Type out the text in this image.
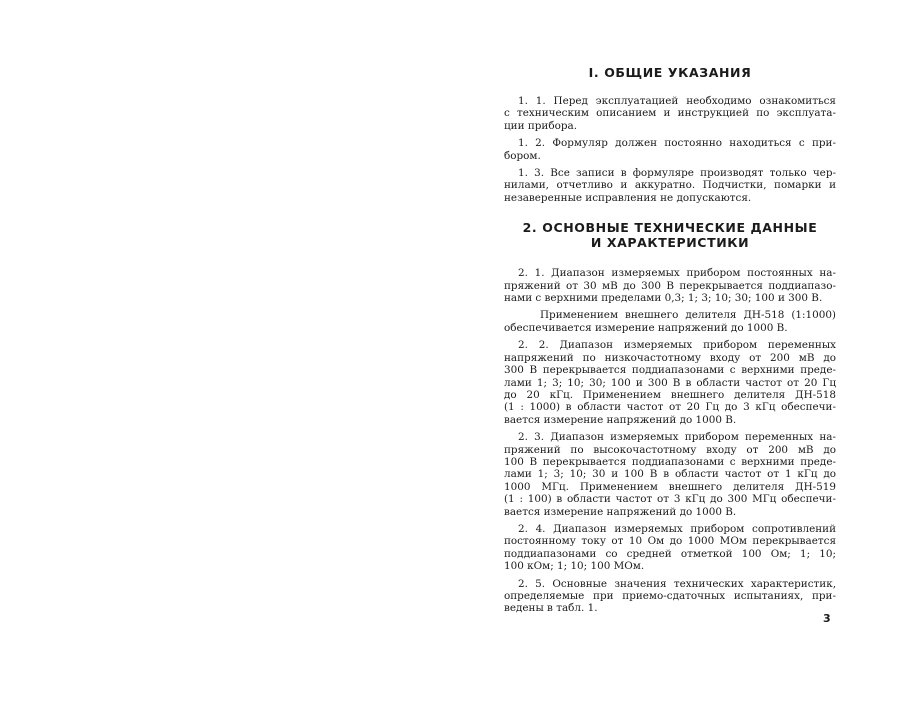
I. ОБЩИЕ УКАЗАНИЯ

1. 1. Перед эксплуатацией необходимо ознакомиться
с техническим описанием и инструкцией по эксплуата-
ции прибора.

1. 2. Формуляр должен постоянно находиться с при-
бором.

1. 3. Все записи в формуляре производят только чер-
нилами, отчетливо и аккуратно. Подчистки, помарки и
незаверенные исправления не допускаются.

2. ОСНОВНЫЕ ТЕХНИЧЕСКИЕ ДАННЫЕ
И ХАРАКТЕРИСТИКИ

2. 1. Диапазон измеряемых прибором постоянных на-
пряжений от 30 мВ до 300 В перекрывается поддиапазо-
нами с верхними пределами 0,3; 1; 3; 10; 30; 100 и 300 В.

Применением внешнего делителя ДН-518 (1:1000)
обеспечивается измерение напряжений до 1000 В.

2. 2. Диапазон измеряемых прибором переменных
напряжений по низкочастотному входу от 200 мВ до
300 В перекрывается поддиапазонами с верхними преде-
лами 1; 3; 10; 30; 100 и 300 В в области частот от 20 Гц
до 20 кГц. Применением внешнего делителя ДН-518
(1 : 1000) в области частот от 20 Гц до 3 кГц обеспечи-
вается измерение напряжений до 1000 В.

2. 3. Диапазон измеряемых прибором переменных на-
пряжений по высокочастотному входу от 200 мВ до
100 В перекрывается поддиапазонами с верхними преде-
лами 1; 3; 10; 30 и 100 В в области частот от 1 кГц до
1000 МГц. Применением внешнего делителя ДН-519
(1 : 100) в области частот от 3 кГц до 300 МГц обеспечи-
вается измерение напряжений до 1000 В.

2. 4. Диапазон измеряемых прибором сопротивлений
постоянному току от 10 Ом до 1000 МОм перекрывается
поддиапазонами со средней отметкой 100 Ом; 1; 10;
100 кОм; 1; 10; 100 МОм.

2. 5. Основные значения технических характеристик,
определяемые при приемо-сдаточных испытаниях, при-
ведены в табл. 1.

3
